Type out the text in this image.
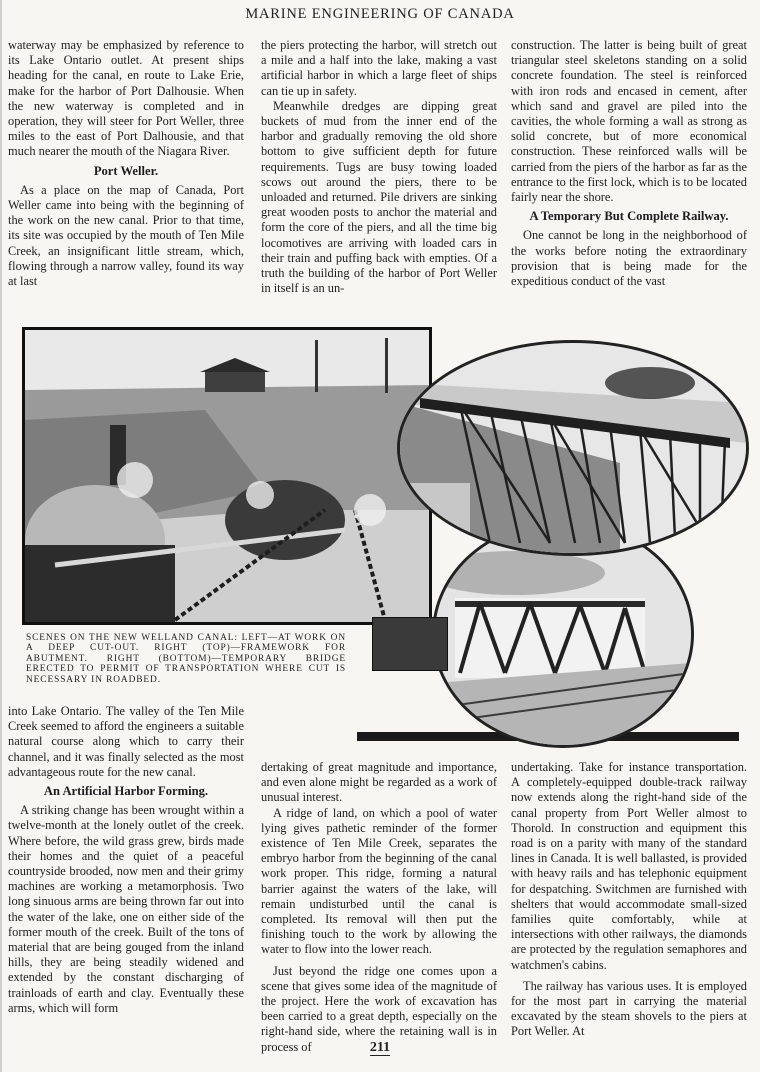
MARINE ENGINEERING OF CANADA

waterway may be emphasized by reference to its Lake Ontario outlet. At present ships heading for the canal, en route to Lake Erie, make for the harbor of Port Dalhousie. When the new waterway is completed and in operation, they will steer for Port Weller, three miles to the east of Port Dalhousie, and that much nearer the mouth of the Niagara River.

Port Weller.

As a place on the map of Canada, Port Weller came into being with the beginning of the work on the new canal. Prior to that time, its site was occupied by the mouth of Ten Mile Creek, an insignificant little stream, which, flowing through a narrow valley, found its way at last

the piers protecting the harbor, will stretch out a mile and a half into the lake, making a vast artificial harbor in which a large fleet of ships can tie up in safety.

Meanwhile dredges are dipping great buckets of mud from the inner end of the harbor and gradually removing the old shore bottom to give sufficient depth for future requirements. Tugs are busy towing loaded scows out around the piers, there to be unloaded and returned. Pile drivers are sinking great wooden posts to anchor the material and form the core of the piers, and all the time big locomotives are arriving with loaded cars in their train and puffing back with empties. Of a truth the building of the harbor of Port Weller in itself is an un-

construction. The latter is being built of great triangular steel skeletons standing on a solid concrete foundation. The steel is reinforced with iron rods and encased in cement, after which sand and gravel are piled into the cavities, the whole forming a wall as strong as solid concrete, but of more economical construction. These reinforced walls will be carried from the piers of the harbor as far as the entrance to the first lock, which is to be located fairly near the shore.

A Temporary But Complete Railway.

One cannot be long in the neighborhood of the works before noting the extraordinary provision that is being made for the expeditious conduct of the vast

SCENES ON THE NEW WELLAND CANAL: LEFT—AT WORK ON A DEEP CUT-OUT. RIGHT (TOP)—FRAMEWORK FOR ABUTMENT. RIGHT (BOTTOM)—TEMPORARY BRIDGE ERECTED TO PERMIT OF TRANSPORTATION WHERE CUT IS NECESSARY IN ROADBED.

into Lake Ontario. The valley of the Ten Mile Creek seemed to afford the engineers a suitable natural course along which to carry their channel, and it was finally selected as the most advantageous route for the new canal.

An Artificial Harbor Forming.

A striking change has been wrought within a twelve-month at the lonely outlet of the creek. Where before, the wild grass grew, birds made their homes and the quiet of a peaceful countryside brooded, now men and their grimy machines are working a metamorphosis. Two long sinuous arms are being thrown far out into the water of the lake, one on either side of the former mouth of the creek. Built of the tons of material that are being gouged from the inland hills, they are being steadily widened and extended by the constant discharging of trainloads of earth and clay. Eventually these arms, which will form

dertaking of great magnitude and importance, and even alone might be regarded as a work of unusual interest.

A ridge of land, on which a pool of water lying gives pathetic reminder of the former existence of Ten Mile Creek, separates the embryo harbor from the beginning of the canal work proper. This ridge, forming a natural barrier against the waters of the lake, will remain undisturbed until the canal is completed. Its removal will then put the finishing touch to the work by allowing the water to flow into the lower reach.

Just beyond the ridge one comes upon a scene that gives some idea of the magnitude of the project. Here the work of excavation has been carried to a great depth, especially on the right-hand side, where the retaining wall is in process of

undertaking. Take for instance transportation. A completely-equipped double-track railway now extends along the right-hand side of the canal property from Port Weller almost to Thorold. In construction and equipment this road is on a parity with many of the standard lines in Canada. It is well ballasted, is provided with heavy rails and has telephonic equipment for despatching. Switchmen are furnished with shelters that would accommodate small-sized families quite comfortably, while at intersections with other railways, the diamonds are protected by the regulation semaphores and watchmen's cabins.

The railway has various uses. It is employed for the most part in carrying the material excavated by the steam shovels to the piers at Port Weller. At

211
